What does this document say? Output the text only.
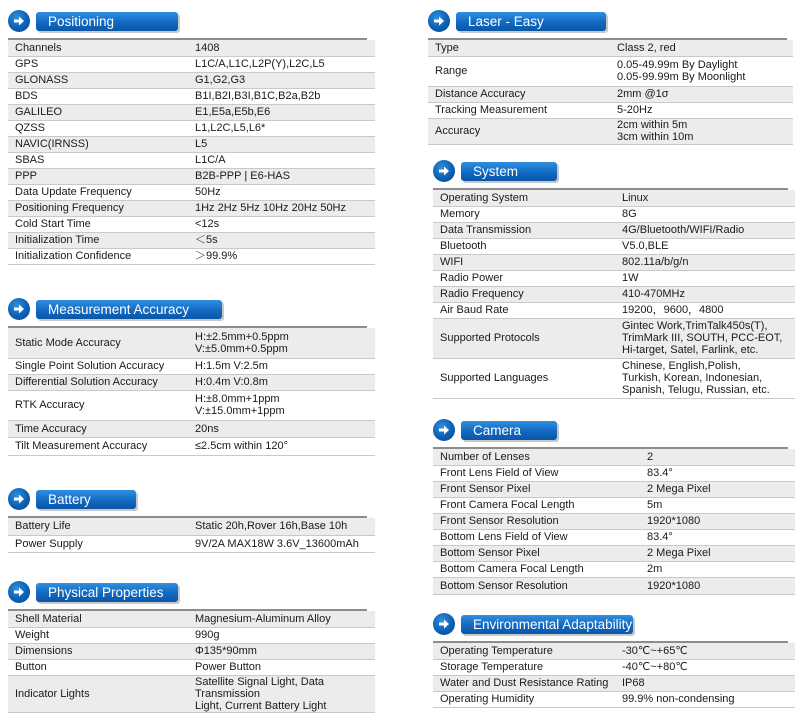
Positioning
Channels	1408

GPS	L1C/A,L1C,L2P(Y),L2C,L5

GLONASS	G1,G2,G3

BDS	B1I,B2I,B3I,B1C,B2a,B2b

GALILEO	E1,E5a,E5b,E6

QZSS	L1,L2C,L5,L6*

NAVIC(IRNSS)	L5

SBAS	L1C/A

PPP	B2B-PPP | E6-HAS

Data Update Frequency	50Hz

Positioning Frequency	1Hz 2Hz 5Hz 10Hz 20Hz 50Hz

Cold Start Time	<12s

Initialization Time	＜5s

Initialization Confidence	＞99.9%
Measurement Accuracy
Static Mode Accuracy	H:±2.5mm+0.5ppm
V:±5.0mm+0.5ppm

Single Point Solution Accuracy	H:1.5m V:2.5m

Differential Solution Accuracy	H:0.4m V:0.8m

RTK Accuracy	H:±8.0mm+1ppm
V:±15.0mm+1ppm

Time Accuracy	20ns

Tilt Measurement Accuracy	≤2.5cm within 120°
Battery
Battery Life	Static 20h,Rover 16h,Base 10h

Power Supply	9V/2A MAX18W 3.6V_13600mAh
Physical Properties
Shell Material	Magnesium-Aluminum Alloy

Weight	990g

Dimensions	Φ135*90mm

Button	Power Button

Indicator Lights	Satellite Signal Light, Data Transmission
Light, Current Battery Light
Laser - Easy
Type	Class 2, red

Range	0.05-49.99m By Daylight
0.05-99.99m By Moonlight

Distance Accuracy	2mm @1σ

Tracking Measurement	5-20Hz

Accuracy	2cm within 5m
3cm within 10m
System
Operating System	Linux

Memory	8G

Data Transmission	4G/Bluetooth/WIFI/Radio

Bluetooth	V5.0,BLE

WIFI	802.11a/b/g/n

Radio Power	1W

Radio Frequency	410-470MHz

Air Baud Rate	19200，9600，4800

Supported Protocols	Gintec Work,TrimTalk450s(T),
TrimMark III, SOUTH, PCC-EOT,
Hi-target, Satel, Farlink, etc.

Supported Languages	Chinese, English,Polish,
Turkish, Korean, Indonesian,
Spanish, Telugu, Russian, etc.
Camera
Number of Lenses	2

Front Lens Field of View	83.4°

Front Sensor Pixel	2 Mega Pixel

Front Camera Focal Length	5m

Front Sensor Resolution	1920*1080

Bottom Lens Field of View	83.4°

Bottom Sensor Pixel	2 Mega Pixel

Bottom Camera Focal Length	2m

Bottom Sensor Resolution	1920*1080
Environmental Adaptability
Operating Temperature	-30℃~+65℃

Storage Temperature	-40℃~+80℃

Water and Dust Resistance Rating	IP68

Operating Humidity	99.9% non-condensing
